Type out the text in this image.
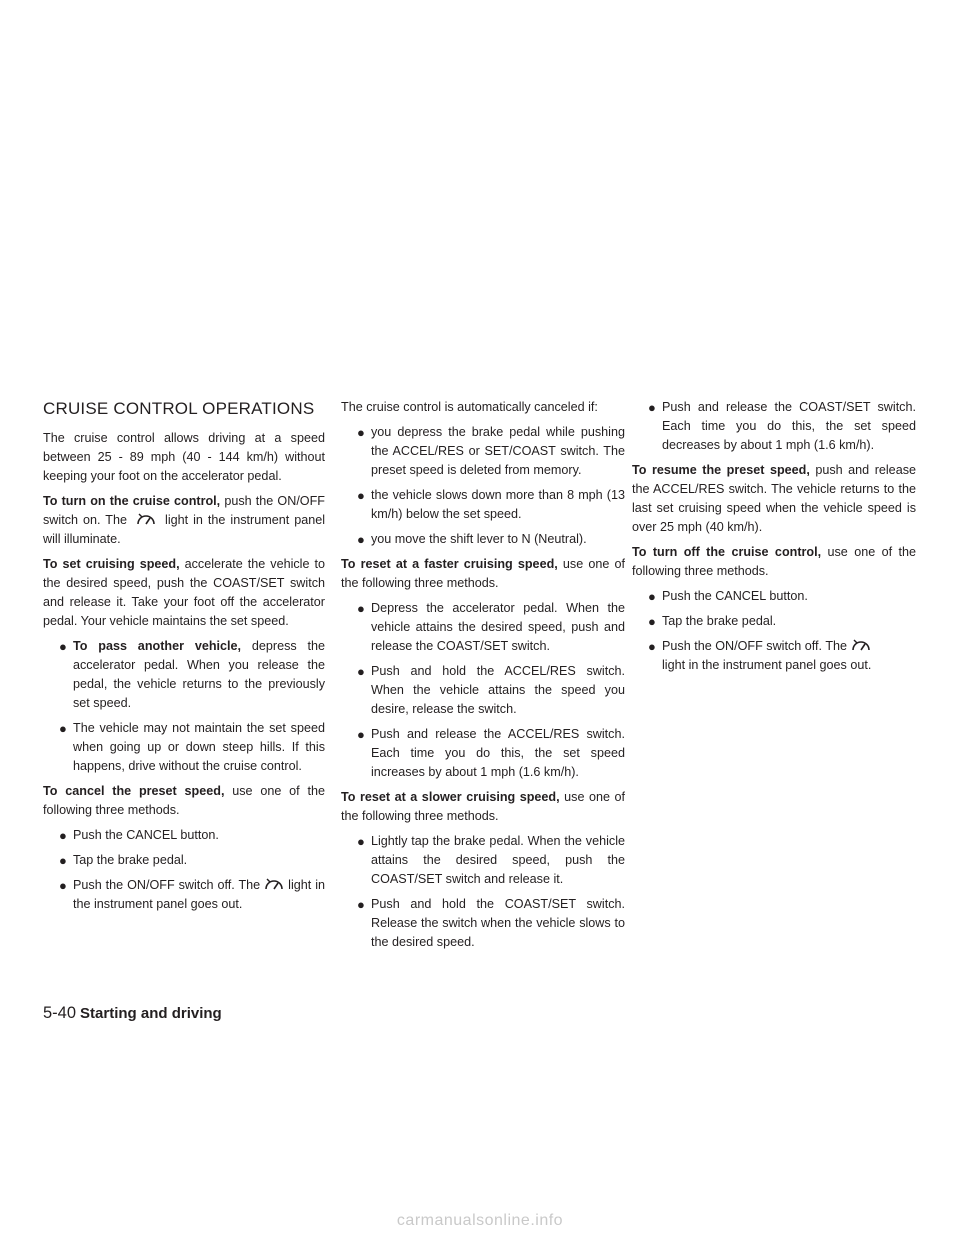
CRUISE CONTROL OPERATIONS

The cruise control allows driving at a speed between 25 - 89 mph (40 - 144 km/h) without keeping your foot on the accelerator pedal.

To turn on the cruise control, push the ON/OFF switch on. The	light in the instrument panel will illuminate.

To set cruising speed, accelerate the vehicle to the desired speed, push the COAST/SET switch and release it. Take your foot off the accelerator pedal. Your vehicle maintains the set speed.

● To pass another vehicle, depress the accelerator pedal. When you release the pedal, the vehicle returns to the previously set speed.
● The vehicle may not maintain the set speed when going up or down steep hills. If this happens, drive without the cruise control.

To cancel the preset speed, use one of the following three methods.

● Push the CANCEL button.
● Tap the brake pedal.
● Push the ON/OFF switch off. The light in the instrument panel goes out.

The cruise control is automatically canceled if:

● you depress the brake pedal while pushing the ACCEL/RES or SET/COAST switch. The preset speed is deleted from memory.
● the vehicle slows down more than 8 mph (13 km/h) below the set speed.
● you move the shift lever to N (Neutral).

To reset at a faster cruising speed, use one of the following three methods.

● Depress the accelerator pedal. When the vehicle attains the desired speed, push and release the COAST/SET switch.
● Push and hold the ACCEL/RES switch. When the vehicle attains the speed you desire, release the switch.
● Push and release the ACCEL/RES switch. Each time you do this, the set speed increases by about 1 mph (1.6 km/h).

To reset at a slower cruising speed, use one of the following three methods.

● Lightly tap the brake pedal. When the vehicle attains the desired speed, push the COAST/SET switch and release it.
● Push and hold the COAST/SET switch. Release the switch when the vehicle slows to the desired speed.
● Push and release the COAST/SET switch. Each time you do this, the set speed decreases by about 1 mph (1.6 km/h).

To resume the preset speed, push and release the ACCEL/RES switch. The vehicle returns to the last set cruising speed when the vehicle speed is over 25 mph (40 km/h).

To turn off the cruise control, use one of the following three methods.

● Push the CANCEL button.
● Tap the brake pedal.
● Push the ON/OFF switch off. The
light in the instrument panel goes out.
5-40 Starting and driving
carmanualsonline.info
